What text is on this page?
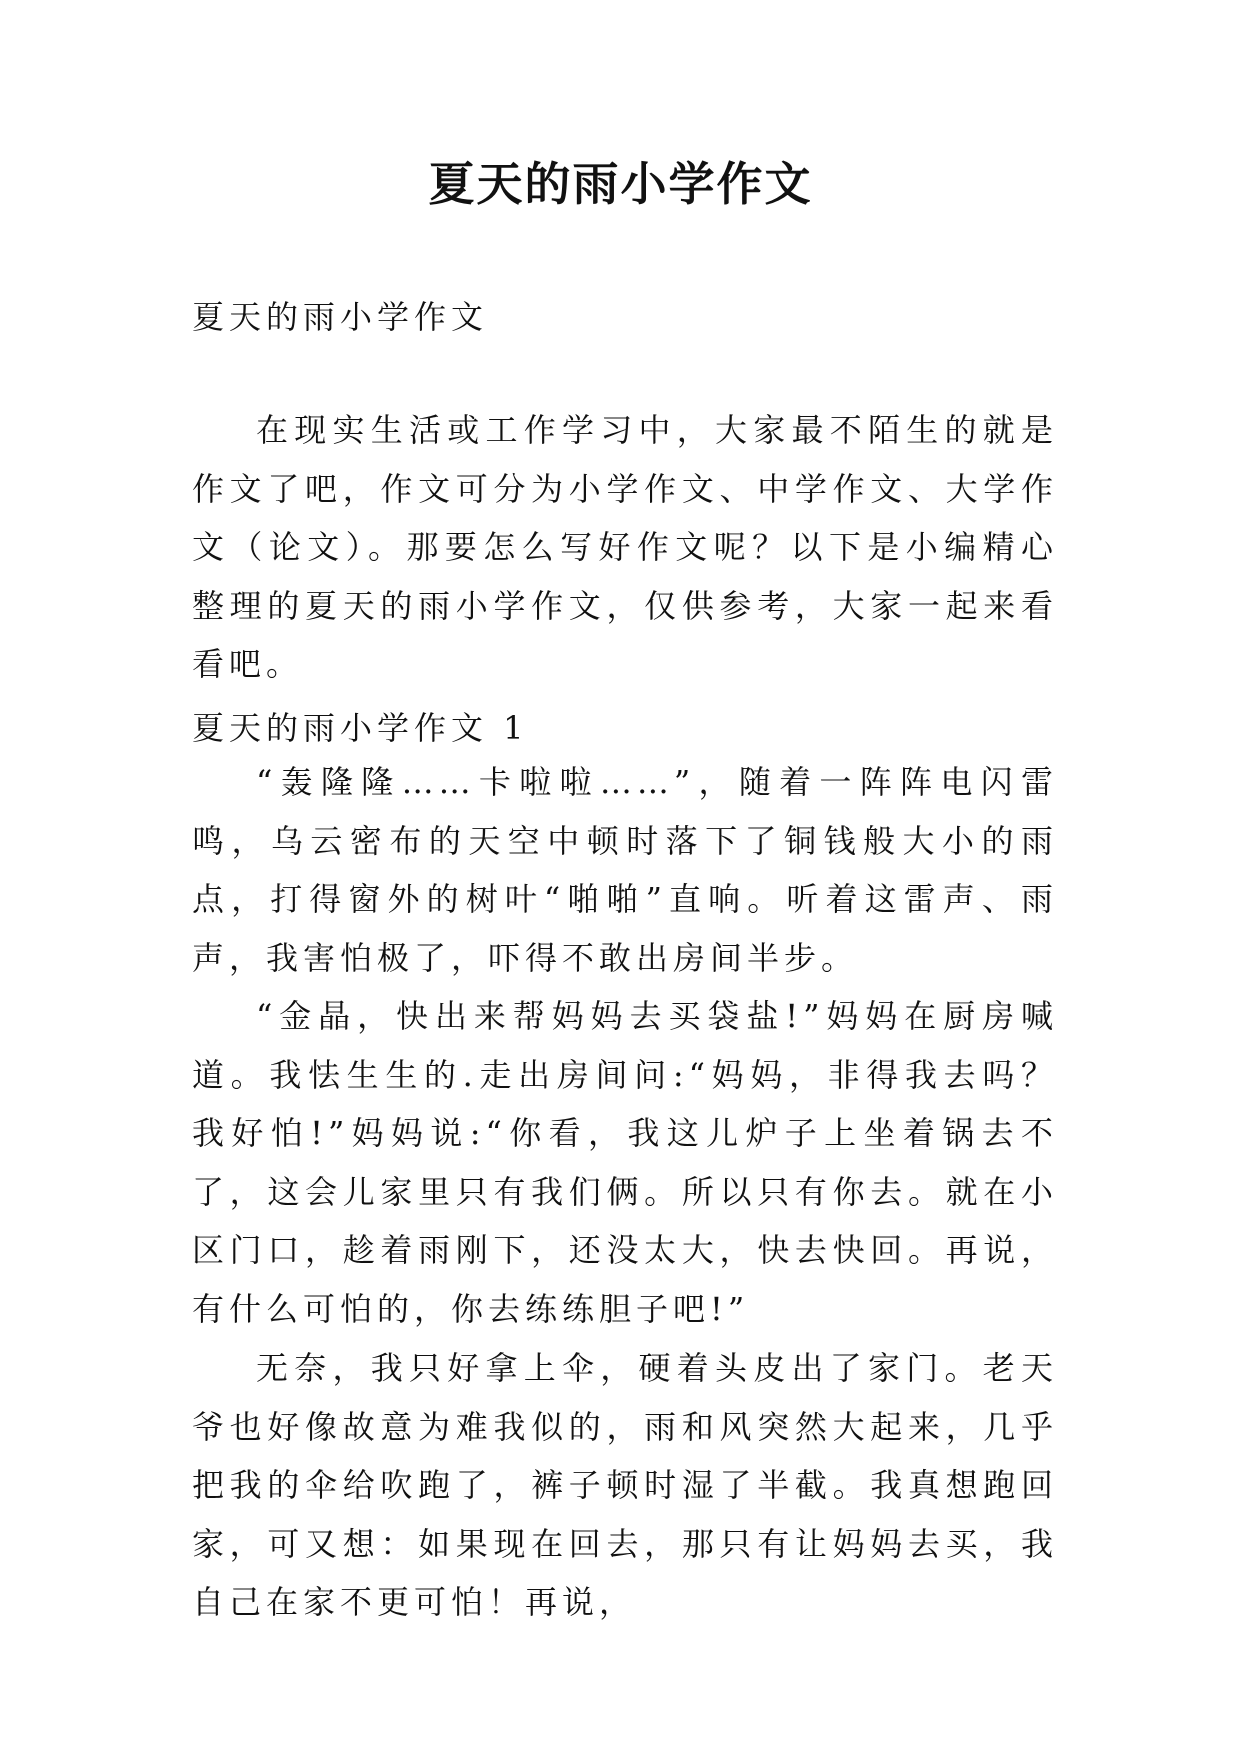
夏天的雨小学作文

夏天的雨小学作文

在现实生活或工作学习中，大家最不陌生的就是作文了吧，作文可分为小学作文、中学作文、大学作文（论文）。那要怎么写好作文呢？以下是小编精心整理的夏天的雨小学作文，仅供参考，大家一起来看看吧。

夏天的雨小学作文 1

“轰隆隆……卡啦啦……”，随着一阵阵电闪雷鸣，乌云密布的天空中顿时落下了铜钱般大小的雨点，打得窗外的树叶“啪啪”直响。听着这雷声、雨声，我害怕极了，吓得不敢出房间半步。

“金晶，快出来帮妈妈去买袋盐!”妈妈在厨房喊道。我怯生生的.走出房间问:“妈妈，非得我去吗？我好怕!”妈妈说:“你看，我这儿炉子上坐着锅去不了，这会儿家里只有我们俩。所以只有你去。就在小区门口，趁着雨刚下，还没太大，快去快回。再说，有什么可怕的，你去练练胆子吧!”

无奈，我只好拿上伞，硬着头皮出了家门。老天爷也好像故意为难我似的，雨和风突然大起来，几乎把我的伞给吹跑了，裤子顿时湿了半截。我真想跑回家，可又想：如果现在回去，那只有让妈妈去买，我自己在家不更可怕！再说，
